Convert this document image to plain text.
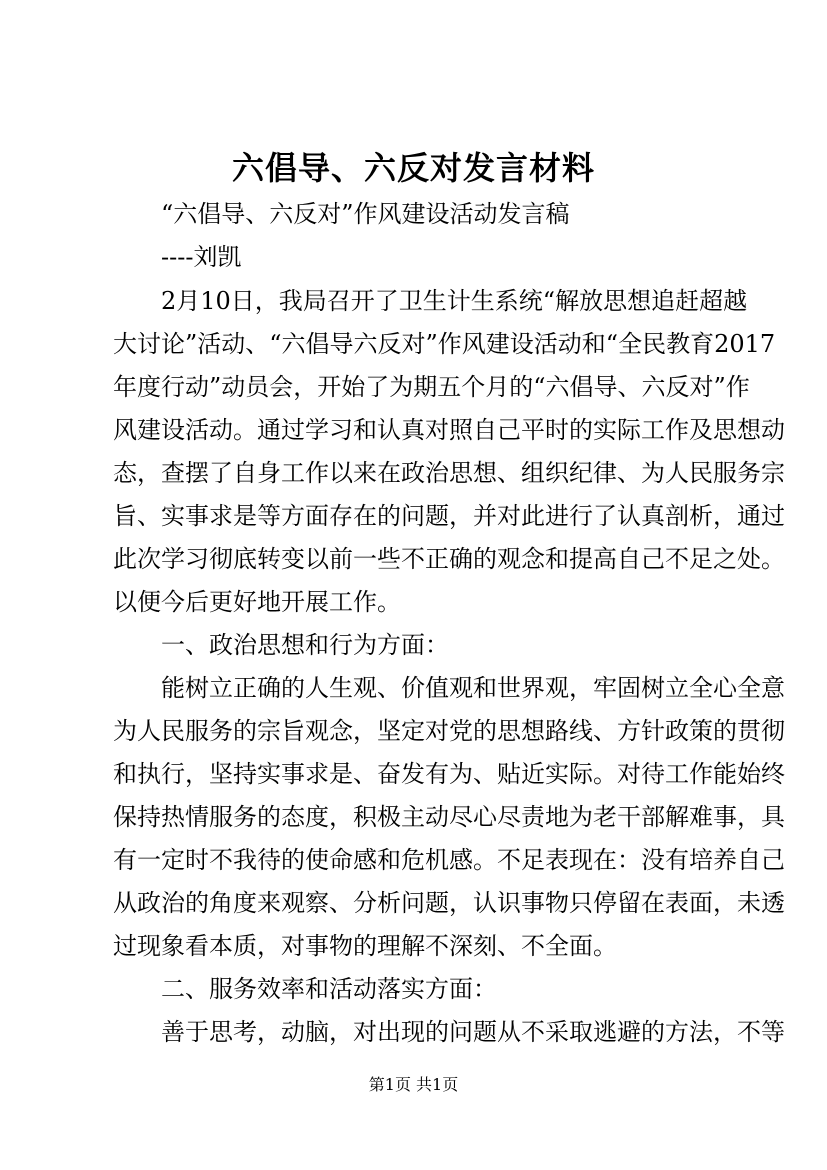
六倡导、六反对发言材料
“六倡导、六反对”作风建设活动发言稿
----刘凯
2月10日，我局召开了卫生计生系统“解放思想追赶超越
大讨论”活动、“六倡导六反对”作风建设活动和“全民教育2017
年度行动”动员会，开始了为期五个月的“六倡导、六反对”作
风建设活动。通过学习和认真对照自己平时的实际工作及思想动
态，查摆了自身工作以来在政治思想、组织纪律、为人民服务宗
旨、实事求是等方面存在的问题，并对此进行了认真剖析，通过
此次学习彻底转变以前一些不正确的观念和提高自己不足之处。
以便今后更好地开展工作。
一、政治思想和行为方面：
能树立正确的人生观、价值观和世界观，牢固树立全心全意
为人民服务的宗旨观念，坚定对党的思想路线、方针政策的贯彻
和执行，坚持实事求是、奋发有为、贴近实际。对待工作能始终
保持热情服务的态度，积极主动尽心尽责地为老干部解难事，具
有一定时不我待的使命感和危机感。不足表现在：没有培养自己
从政治的角度来观察、分析问题，认识事物只停留在表面，未透
过现象看本质，对事物的理解不深刻、不全面。
二、服务效率和活动落实方面：
善于思考，动脑，对出现的问题从不采取逃避的方法，不等
第1页 共1页
